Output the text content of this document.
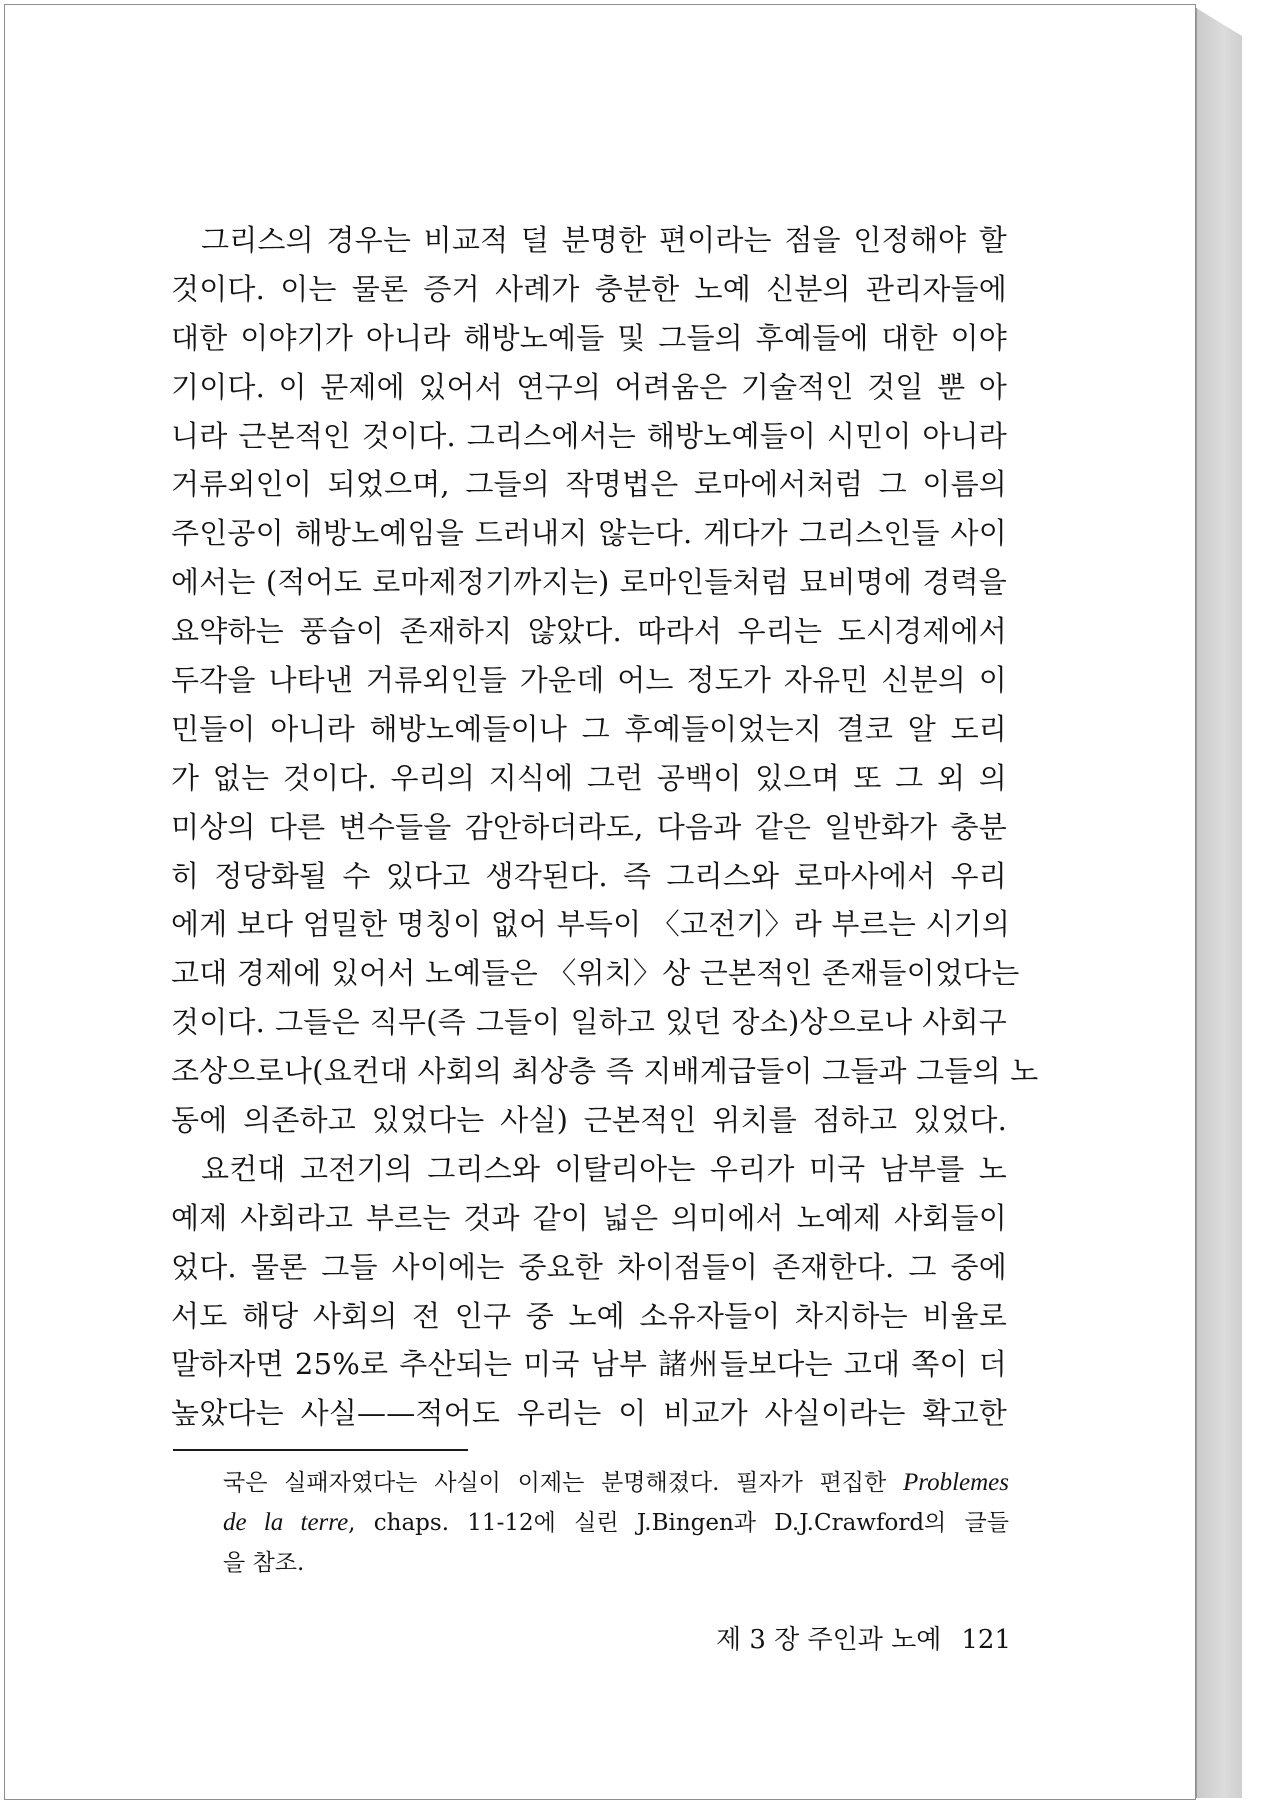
그리스의 경우는 비교적 덜 분명한 편이라는 점을 인정해야 할
것이다. 이는 물론 증거 사례가 충분한 노예 신분의 관리자들에
대한 이야기가 아니라 해방노예들 및 그들의 후예들에 대한 이야
기이다. 이 문제에 있어서 연구의 어려움은 기술적인 것일 뿐 아
니라 근본적인 것이다. 그리스에서는 해방노예들이 시민이 아니라
거류외인이 되었으며, 그들의 작명법은 로마에서처럼 그 이름의
주인공이 해방노예임을 드러내지 않는다. 게다가 그리스인들 사이
에서는 (적어도 로마제정기까지는) 로마인들처럼 묘비명에 경력을
요약하는 풍습이 존재하지 않았다. 따라서 우리는 도시경제에서
두각을 나타낸 거류외인들 가운데 어느 정도가 자유민 신분의 이
민들이 아니라 해방노예들이나 그 후예들이었는지 결코 알 도리
가 없는 것이다. 우리의 지식에 그런 공백이 있으며 또 그 외 의
미상의 다른 변수들을 감안하더라도, 다음과 같은 일반화가 충분
히 정당화될 수 있다고 생각된다. 즉 그리스와 로마사에서 우리
에게 보다 엄밀한 명칭이 없어 부득이 〈고전기〉라 부르는 시기의
고대 경제에 있어서 노예들은 〈위치〉상 근본적인 존재들이었다는
것이다. 그들은 직무(즉 그들이 일하고 있던 장소)상으로나 사회구
조상으로나(요컨대 사회의 최상층 즉 지배계급들이 그들과 그들의 노
동에 의존하고 있었다는 사실) 근본적인 위치를 점하고 있었다.
요컨대 고전기의 그리스와 이탈리아는 우리가 미국 남부를 노
예제 사회라고 부르는 것과 같이 넓은 의미에서 노예제 사회들이
었다. 물론 그들 사이에는 중요한 차이점들이 존재한다. 그 중에
서도 해당 사회의 전 인구 중 노예 소유자들이 차지하는 비율로
말하자면 25%로 추산되는 미국 남부 諸州들보다는 고대 쪽이 더
높았다는 사실——적어도 우리는 이 비교가 사실이라는 확고한
국은 실패자였다는 사실이 이제는 분명해졌다. 필자가 편집한 Problemes
de la terre, chaps. 11-12에 실린 J.Bingen과 D.J.Crawford의 글들
을 참조.
제 3 장 주인과 노예 121
